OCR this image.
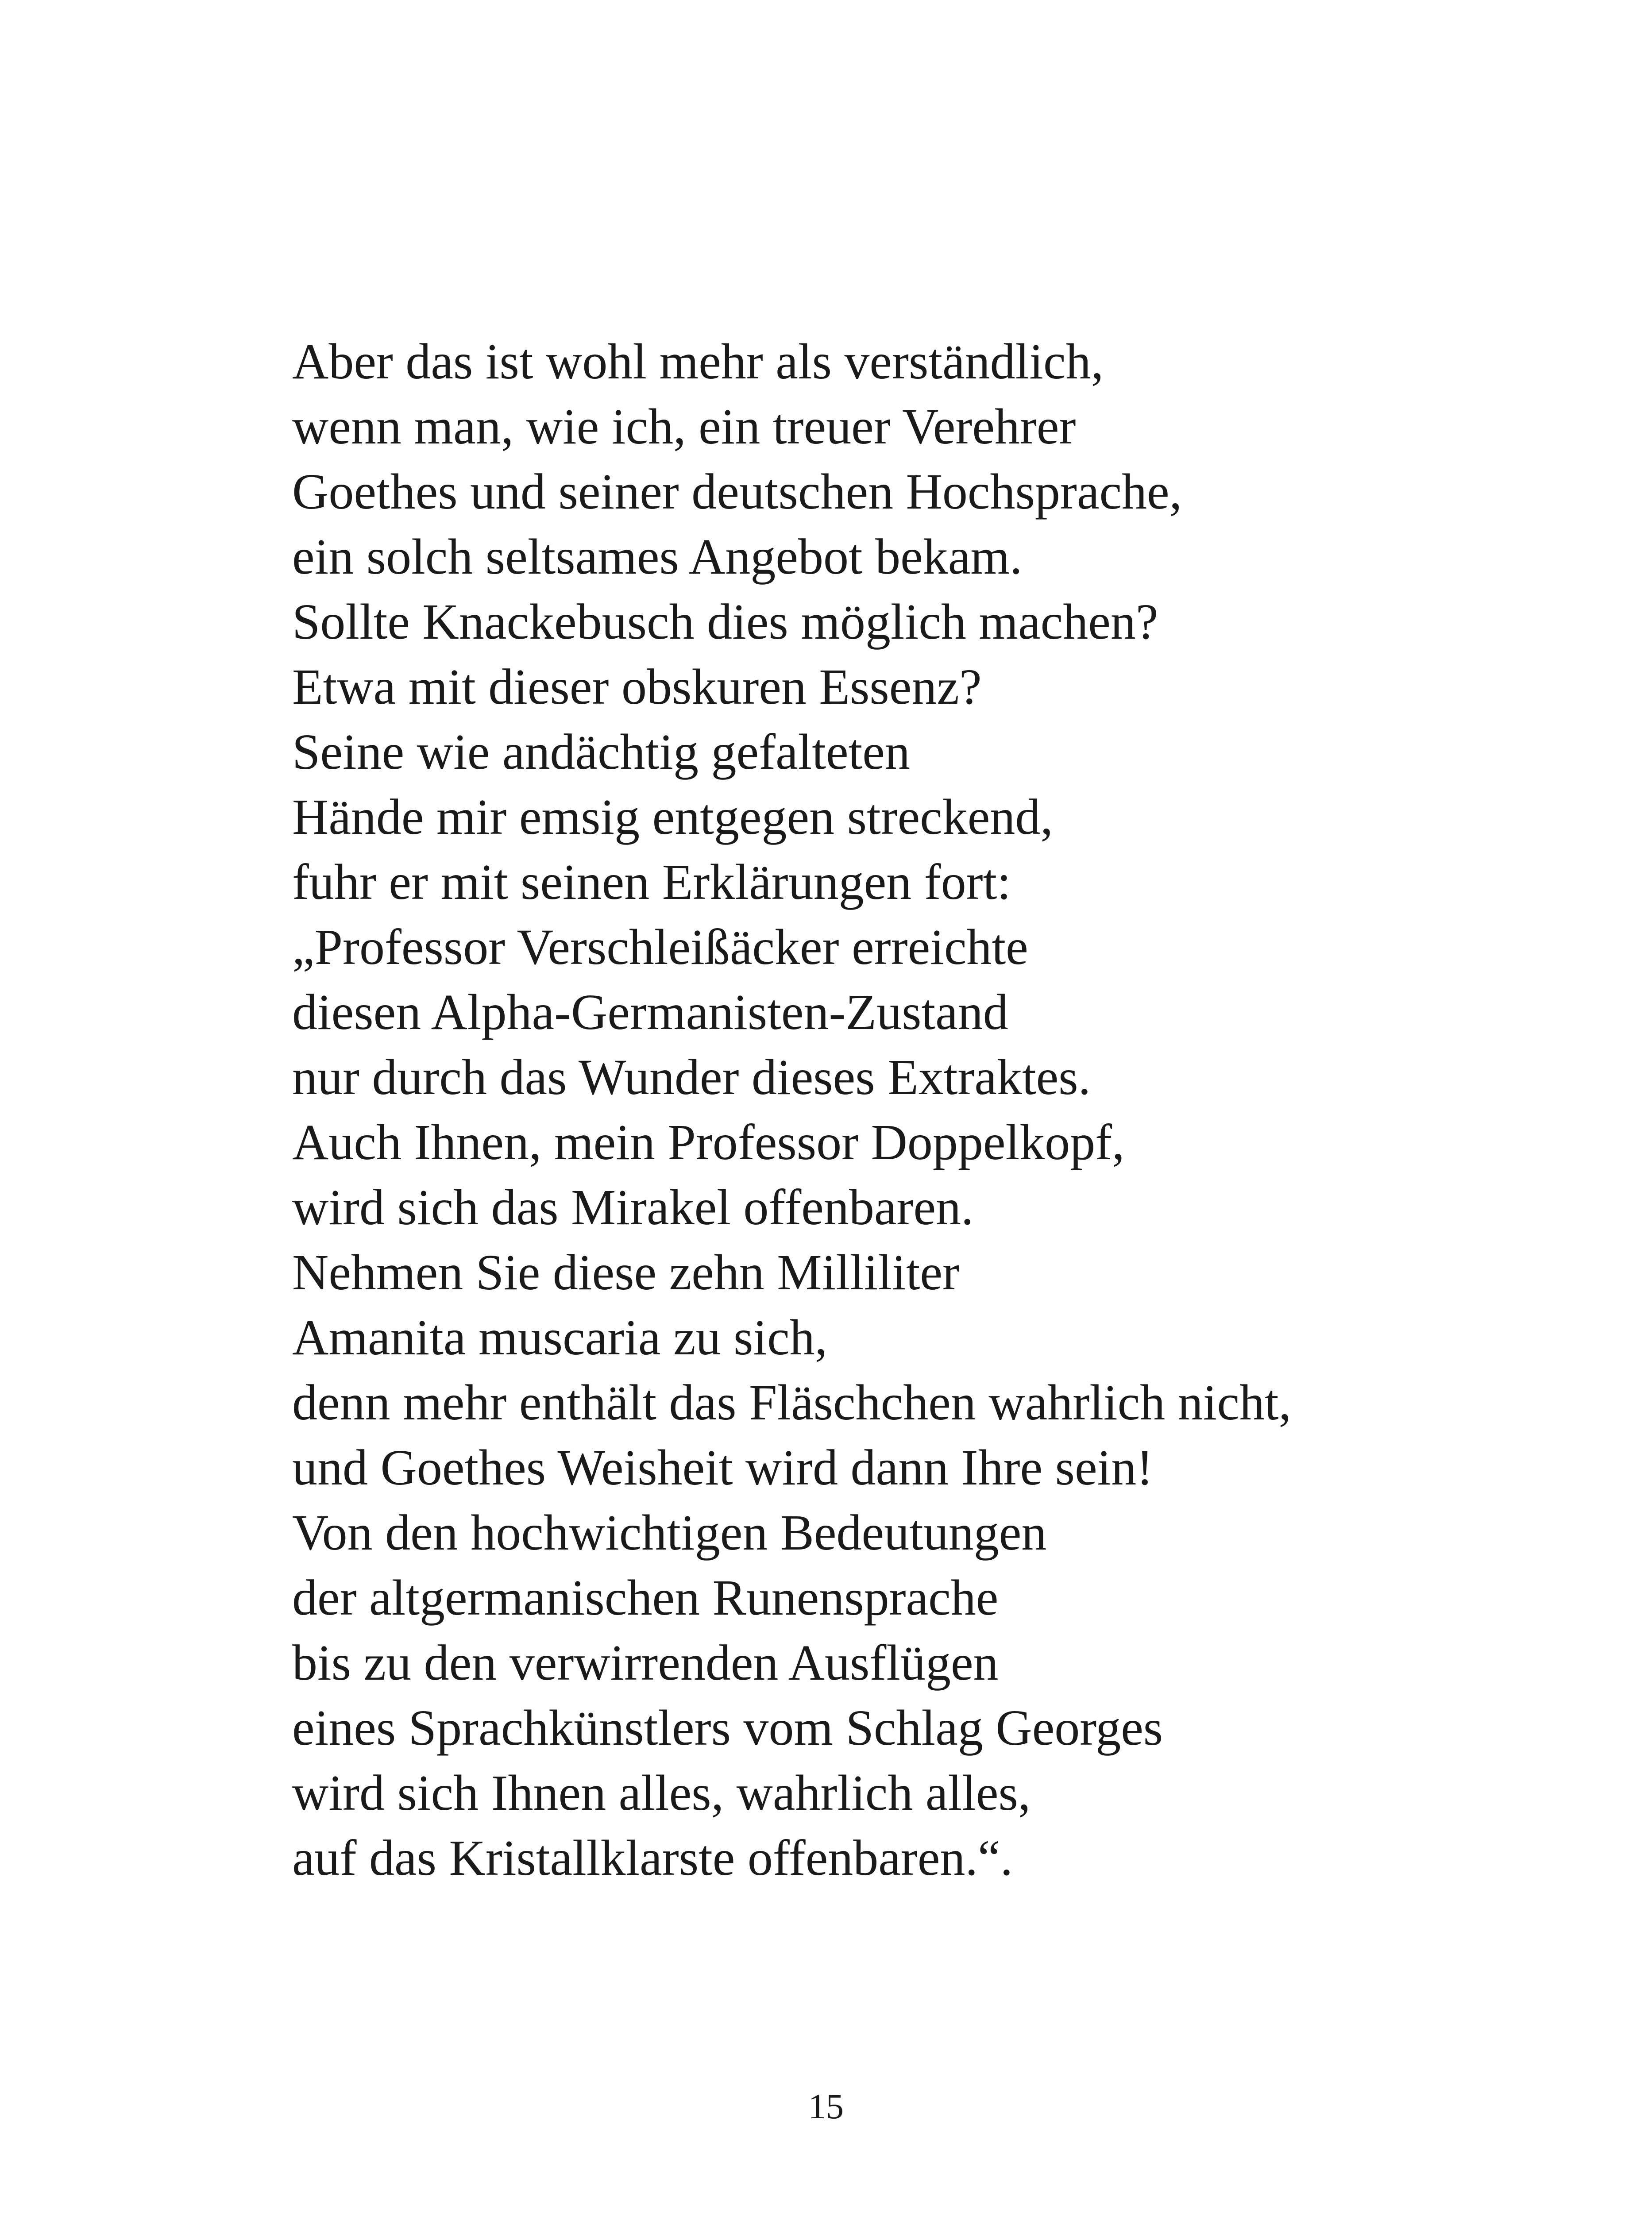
Aber das ist wohl mehr als verständlich,
wenn man, wie ich, ein treuer Verehrer
Goethes und seiner deutschen Hochsprache,
ein solch seltsames Angebot bekam.
Sollte Knackebusch dies möglich machen?
Etwa mit dieser obskuren Essenz?
Seine wie andächtig gefalteten
Hände mir emsig entgegen streckend,
fuhr er mit seinen Erklärungen fort:
„Professor Verschleißäcker erreichte
diesen Alpha-Germanisten-Zustand
nur durch das Wunder dieses Extraktes.
Auch Ihnen, mein Professor Doppelkopf,
wird sich das Mirakel offenbaren.
Nehmen Sie diese zehn Milliliter
Amanita muscaria zu sich,
denn mehr enthält das Fläschchen wahrlich nicht,
und Goethes Weisheit wird dann Ihre sein!
Von den hochwichtigen Bedeutungen
der altgermanischen Runensprache
bis zu den verwirrenden Ausflügen
eines Sprachkünstlers vom Schlag Georges
wird sich Ihnen alles, wahrlich alles,
auf das Kristallklarste offenbaren.“.
15
